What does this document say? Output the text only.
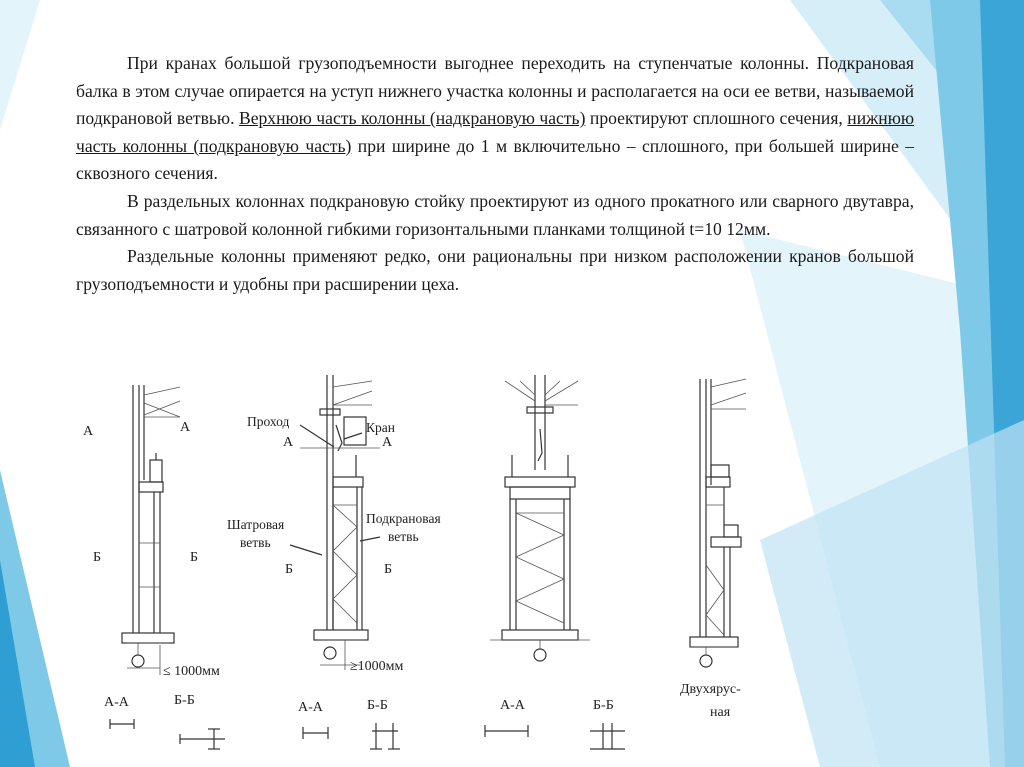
При кранах большой грузоподъемности выгоднее переходить на ступенчатые колонны. Подкрановая балка в этом случае опирается на уступ нижнего участка колонны и располагается на оси ее ветви, называемой подкрановой ветвью. Верхнюю часть колонны (надкрановую часть) проектируют сплошного сечения, нижнюю часть колонны (подкрановую часть) при ширине до 1 м включительно – сплошного, при большей ширине – сквозного сечения.

В раздельных колоннах подкрановую стойку проектируют из одного прокатного или сварного двутавра, связанного с шатровой колонной гибкими горизонтальными планками толщиной t=10 12мм.

Раздельные колонны применяют редко, они рациональны при низком расположении кранов большой грузоподъемности и удобны при расширении цеха.

А	А
Б	Б
≤ 1000мм
А-А	Б-Б
Проход	Кран
А	А
Шатровая
ветвь
Подкрановая
ветвь
Б	Б
≥1000мм
А-А	Б-Б	А-А	Б-Б
Двухярус-
ная
